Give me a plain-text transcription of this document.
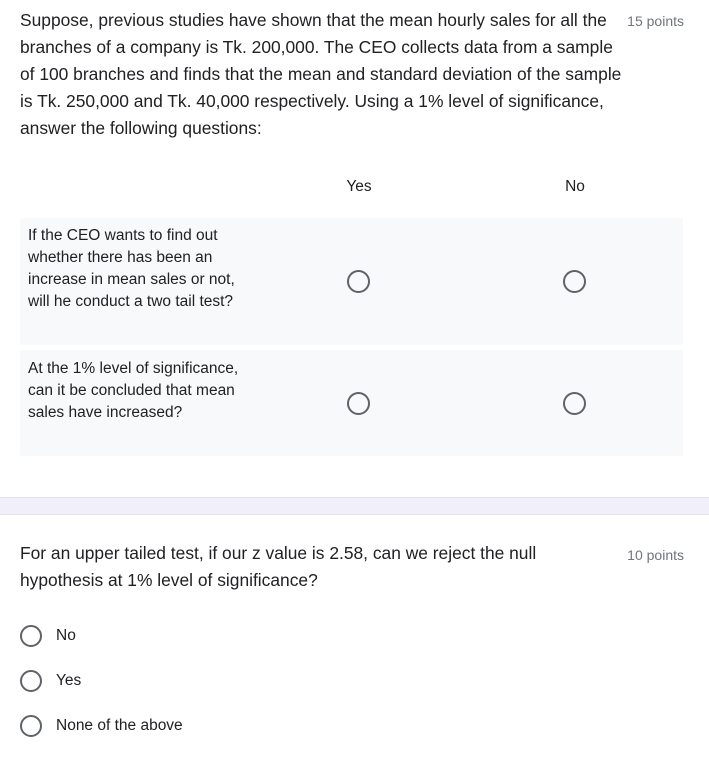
Suppose, previous studies have shown that the mean hourly sales for all the branches of a company is Tk. 200,000. The CEO collects data from a sample of 100 branches and finds that the mean and standard deviation of the sample is Tk. 250,000 and Tk. 40,000 respectively. Using a 1% level of significance, answer the following questions:
15 points
Yes	No
If the CEO wants to find out whether there has been an increase in mean sales or not, will he conduct a two tail test?
At the 1% level of significance, can it be concluded that mean sales have increased?
For an upper tailed test, if our z value is 2.58, can we reject the null hypothesis at 1% level of significance?
10 points
No
Yes
None of the above
